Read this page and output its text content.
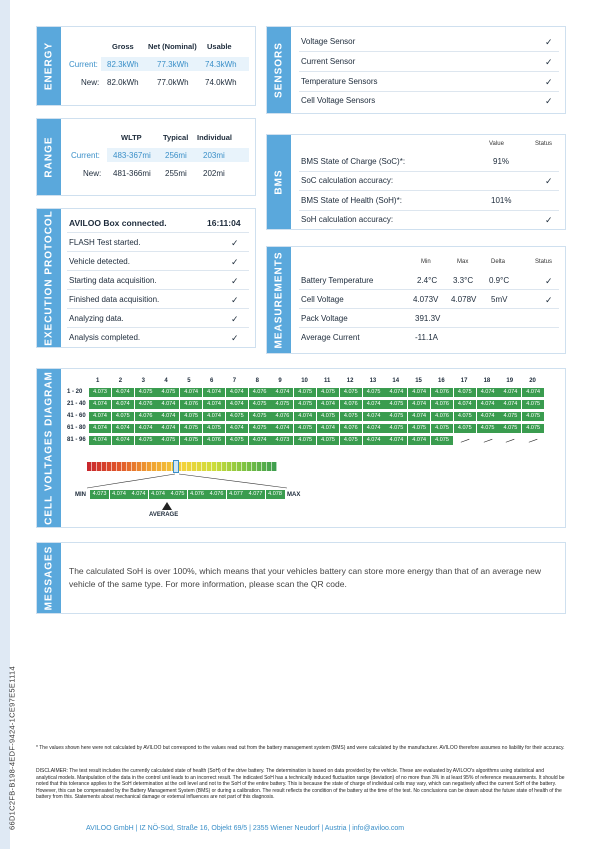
66D1C2FB-B198-4EDF-9424-1CE97E5E1114
ENERGY	Gross Net (Nominal) Usable
Current: 82.3kWh 77.3kWh 74.3kWh
New: 82.0kWh 77.0kWh 74.0kWh	SENSORS
Voltage Sensor	✓
Current Sensor	✓
Temperature Sensors	✓
Cell Voltage Sensors	✓
RANGE	WLTP	Typical Individual
Current: 483-367mi 256mi 203mi
New: 481-366mi 255mi 202mi	BMS
Value	Status
BMS State of Charge (SoC)*:	91%
SoC calculation accuracy:	✓
BMS State of Health (SoH)*:	101%
SoH calculation accuracy:	✓
EXECUTION PROTOCOL AVILOO Box connected.	16:11:04
FLASH Test started.	✓
Vehicle detected.	✓
Starting data acquisition.	✓
Finished data acquisition.	✓
Analyzing data.	✓
Analysis completed.	✓	MEASUREMENTS	Min	Max	Delta	Status
Battery Temperature	2.4°C 3.3°C 0.9°C	✓
Cell Voltage	4.073V 4.078V 5mV	✓
Pack Voltage	391.3V
Average Current	-11.1A
CELL VOLTAGES DIAGRAM	1	2	3	4	5	6	7	8	9	10	11	12	13	14	15	16	17	18	19	20
1 - 20	4.073	4.074	4.075	4.075	4.074	4.074	4.074	4.076	4.074	4.075	4.075	4.075	4.075	4.074	4.074	4.076	4.075	4.074	4.074	4.074
21 - 40	4.074	4.074	4.076	4.074	4.076	4.074	4.074	4.075	4.075	4.075	4.074	4.076	4.074	4.075	4.074	4.076	4.074	4.074	4.074	4.075
41 - 60	4.074	4.075	4.076	4.074	4.075	4.074	4.075	4.075	4.076	4.074	4.075	4.075	4.074	4.075	4.074	4.076	4.075	4.074	4.075	4.075
61 - 80	4.074	4.074	4.074	4.074	4.075	4.075	4.074	4.075	4.074	4.075	4.074	4.076	4.074	4.075	4.075	4.075	4.075	4.075	4.075	4.075
81 - 96	4.074	4.074	4.075	4.075	4.075	4.076	4.075	4.074	4.073	4.075	4.075	4.075	4.074	4.074	4.074	4.075	—	—	—	—
MIN	4.073	4.074	4.074	4.074	4.075	4.076	4.076	4.077	4.077	4.078 MAX
AVERAGE
MESSAGES The calculated SoH is over 100%, which means that your vehicles battery can store more energy than that of an average new vehicle of the same type. For more information, please scan the QR code.
* The values shown here were not calculated by AVILOO but correspond to the values read out from the battery management system (BMS) and were calculated by the manufacturer. AVILOO therefore assumes no liability for their accuracy.
DISCLAIMER: The test result includes the currently calculated state of health (SoH) of the drive battery. The determination is based on data provided by the vehicle. These are evaluated by AVILOO's algorithms using statistical and analytical models. Manipulation of the data in the control unit leads to an incorrect result. The indicated SoH has a technically induced fluctuation range (deviation) of no more than 3% in at least 95% of reference measurements. It should be noted that this tolerance applies to the SoH determination at the cell level and not to the SoH of the entire battery. This is because the state of charge of individual cells may vary, which can negatively affect the current SoH of the battery. However, this can be compensated by the Battery Management System (BMS) or during a calibration. The result reflects the condition of the battery at the time of the test. No conclusions can be drawn about the future state of health of the battery from this. Statements about mechanical damage or external influences are not part of this diagnosis.
AVILOO GmbH | IZ NÖ-Süd, Straße 16, Objekt 69/5 | 2355 Wiener Neudorf | Austria | info@aviloo.com
